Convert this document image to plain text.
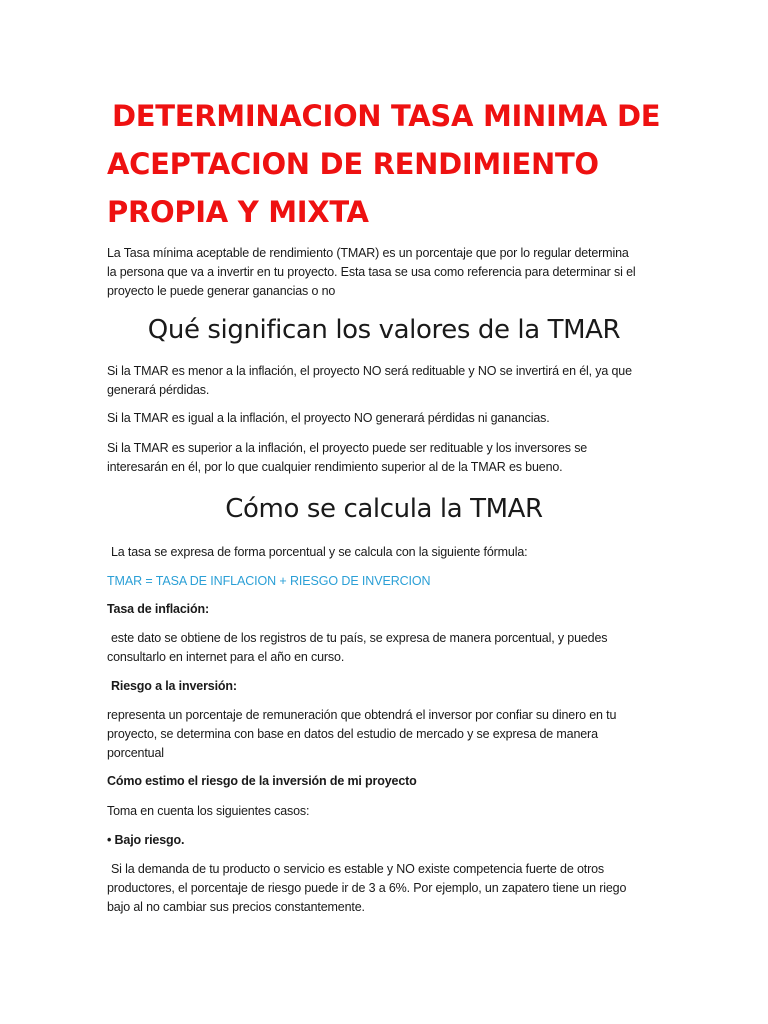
DETERMINACION TASA MINIMA DE
ACEPTACION DE RENDIMIENTO
PROPIA Y MIXTA

La Tasa mínima aceptable de rendimiento (TMAR) es un porcentaje que por lo regular determina
la persona que va a invertir en tu proyecto. Esta tasa se usa como referencia para determinar si el
proyecto le puede generar ganancias o no

Qué significan los valores de la TMAR

Si la TMAR es menor a la inflación, el proyecto NO será redituable y NO se invertirá en él, ya que
generará pérdidas.

Si la TMAR es igual a la inflación, el proyecto NO generará pérdidas ni ganancias.

Si la TMAR es superior a la inflación, el proyecto puede ser redituable y los inversores se
interesarán en él, por lo que cualquier rendimiento superior al de la TMAR es bueno.

Cómo se calcula la TMAR

La tasa se expresa de forma porcentual y se calcula con la siguiente fórmula:

TMAR = TASA DE INFLACION + RIESGO DE INVERCION

Tasa de inflación:

este dato se obtiene de los registros de tu país, se expresa de manera porcentual, y puedes
consultarlo en internet para el año en curso.

Riesgo a la inversión:

representa un porcentaje de remuneración que obtendrá el inversor por confiar su dinero en tu
proyecto, se determina con base en datos del estudio de mercado y se expresa de manera
porcentual

Cómo estimo el riesgo de la inversión de mi proyecto

Toma en cuenta los siguientes casos:

• Bajo riesgo.

Si la demanda de tu producto o servicio es estable y NO existe competencia fuerte de otros
productores, el porcentaje de riesgo puede ir de 3 a 6%. Por ejemplo, un zapatero tiene un riego
bajo al no cambiar sus precios constantemente.
